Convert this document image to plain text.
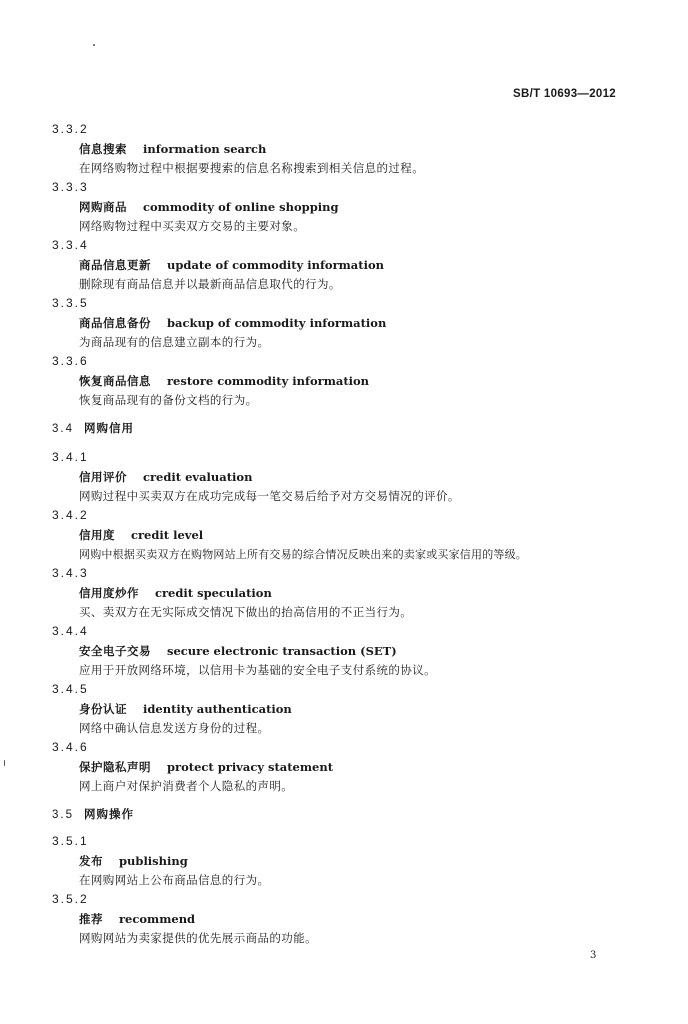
SB/T 10693—2012
3.3.2
信息搜索 information search
在网络购物过程中根据要搜索的信息名称搜索到相关信息的过程。
3.3.3
网购商品 commodity of online shopping
网络购物过程中买卖双方交易的主要对象。
3.3.4
商品信息更新 update of commodity information
删除现有商品信息并以最新商品信息取代的行为。
3.3.5
商品信息备份 backup of commodity information
为商品现有的信息建立副本的行为。
3.3.6
恢复商品信息 restore commodity information
恢复商品现有的备份文档的行为。
3.4 网购信用
3.4.1
信用评价 credit evaluation
网购过程中买卖双方在成功完成每一笔交易后给予对方交易情况的评价。
3.4.2
信用度 credit level
网购中根据买卖双方在购物网站上所有交易的综合情况反映出来的卖家或买家信用的等级。
3.4.3
信用度炒作 credit speculation
买、卖双方在无实际成交情况下做出的抬高信用的不正当行为。
3.4.4
安全电子交易 secure electronic transaction (SET)
应用于开放网络环境，以信用卡为基础的安全电子支付系统的协议。
3.4.5
身份认证 identity authentication
网络中确认信息发送方身份的过程。
3.4.6
保护隐私声明 protect privacy statement
网上商户对保护消费者个人隐私的声明。
3.5 网购操作
3.5.1
发布 publishing
在网购网站上公布商品信息的行为。
3.5.2
推荐 recommend
网购网站为卖家提供的优先展示商品的功能。
3
